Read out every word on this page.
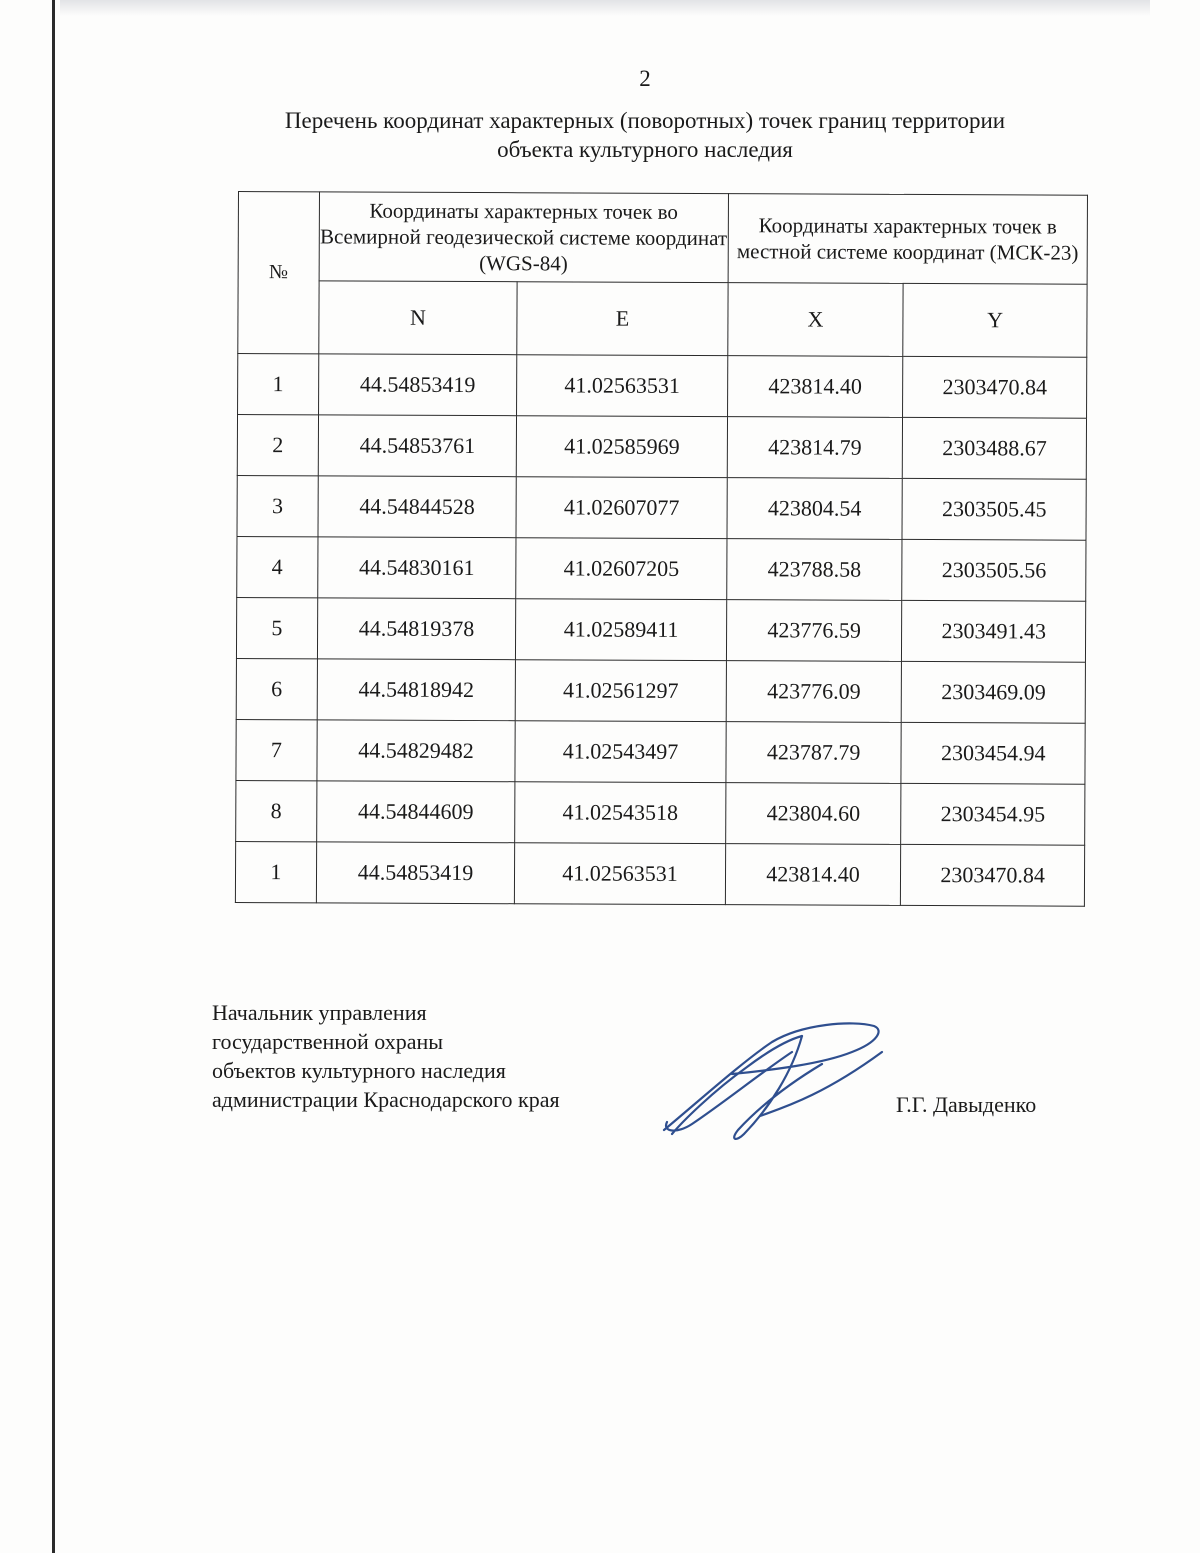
2
Перечень координат характерных (поворотных) точек границ территории
объекта культурного наследия
№	Координаты характерных точек во Всемирной геодезической системе координат (WGS-84)		Координаты характерных точек в местной системе координат (МСК-23)	
	N	E	X	Y
1	44.54853419	41.02563531	423814.40	2303470.84
2	44.54853761	41.02585969	423814.79	2303488.67
3	44.54844528	41.02607077	423804.54	2303505.45
4	44.54830161	41.02607205	423788.58	2303505.56
5	44.54819378	41.02589411	423776.59	2303491.43
6	44.54818942	41.02561297	423776.09	2303469.09
7	44.54829482	41.02543497	423787.79	2303454.94
8	44.54844609	41.02543518	423804.60	2303454.95
1	44.54853419	41.02563531	423814.40	2303470.84
Начальник управления
государственной охраны
объектов культурного наследия
администрации Краснодарского края	Г.Г. Давыденко
